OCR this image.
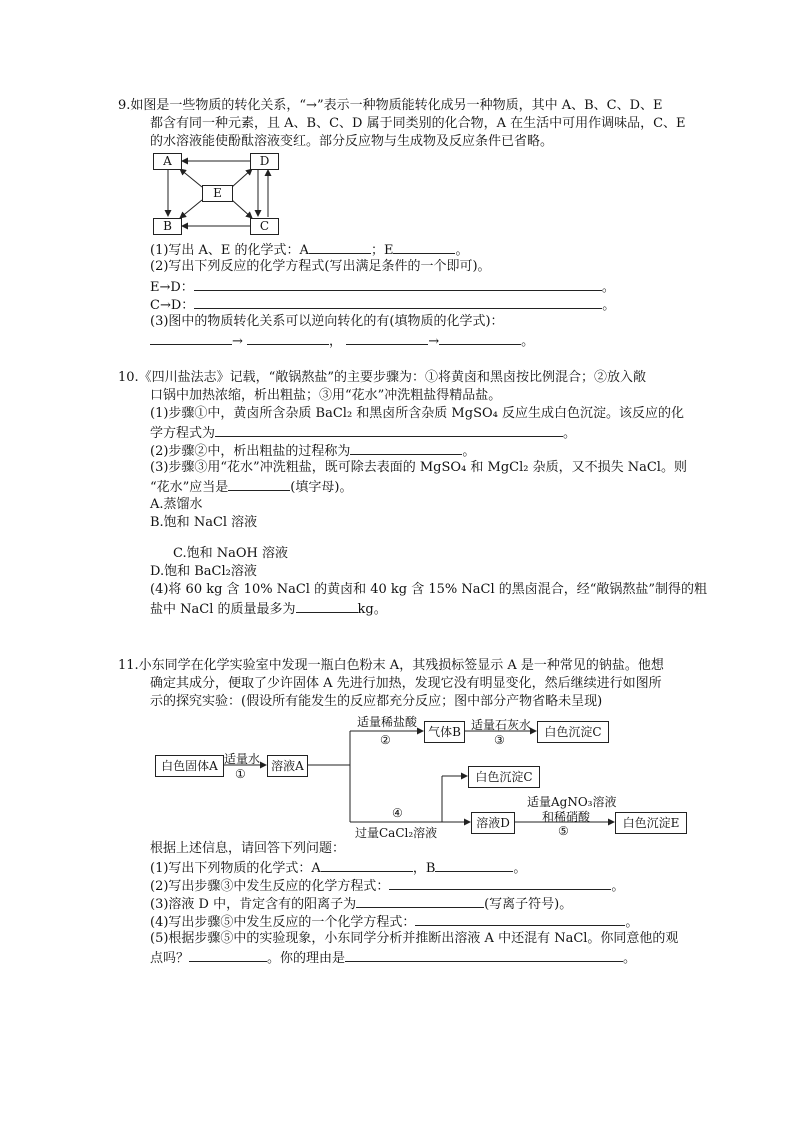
9.如图是一些物质的转化关系，“→”表示一种物质能转化成另一种物质，其中 A、B、C、D、E
都含有同一种元素，且 A、B、C、D 属于同类别的化合物，A 在生活中可用作调味品，C、E
的水溶液能使酚酞溶液变红。部分反应物与生成物及反应条件已省略。
A	D
E
B	C
(1)写出 A、E 的化学式：A	；E	。
(2)写出下列反应的化学方程式(写出满足条件的一个即可)。
E→D：	。
C→D：	。
(3)图中的物质转化关系可以逆向转化的有(填物质的化学式)：
→	，	→	。
10.《四川盐法志》记载，“敞锅熬盐”的主要步骤为：①将黄卤和黑卤按比例混合；②放入敞
口锅中加热浓缩，析出粗盐；③用“花水”冲洗粗盐得精品盐。
(1)步骤①中，黄卤所含杂质 BaCl₂ 和黑卤所含杂质 MgSO₄ 反应生成白色沉淀。该反应的化
学方程式为	。
(2)步骤②中，析出粗盐的过程称为	。
(3)步骤③用“花水”冲洗粗盐，既可除去表面的 MgSO₄ 和 MgCl₂ 杂质，又不损失 NaCl。则
“花水”应当是	(填字母)。
A.蒸馏水
B.饱和 NaCl 溶液
C.饱和 NaOH 溶液
D.饱和 BaCl₂溶液
(4)将 60 kg 含 10% NaCl 的黄卤和 40 kg 含 15% NaCl 的黑卤混合，经“敞锅熬盐”制得的粗
盐中 NaCl 的质量最多为	kg。
11.小东同学在化学实验室中发现一瓶白色粉末 A，其残损标签显示 A 是一种常见的钠盐。他想
确定其成分，便取了少许固体 A 先进行加热，发现它没有明显变化，然后继续进行如图所
示的探究实验：(假设所有能发生的反应都充分反应；图中部分产物省略未呈现)
白色固体A	溶液A
气体B	白色沉淀C
白色沉淀C
溶液D	白色沉淀E
适量水
①
适量稀盐酸
②
适量石灰水
③
④
过量CaCl₂溶液
适量AgNO₃溶液
和稀硝酸
⑤
根据上述信息，请回答下列问题：
(1)写出下列物质的化学式：A	，B	。
(2)写出步骤③中发生反应的化学方程式：	。
(3)溶液 D 中，肯定含有的阳离子为	(写离子符号)。
(4)写出步骤⑤中发生反应的一个化学方程式：	。
(5)根据步骤⑤中的实验现象，小东同学分析并推断出溶液 A 中还混有 NaCl。你同意他的观
点吗？	。你的理由是	。
